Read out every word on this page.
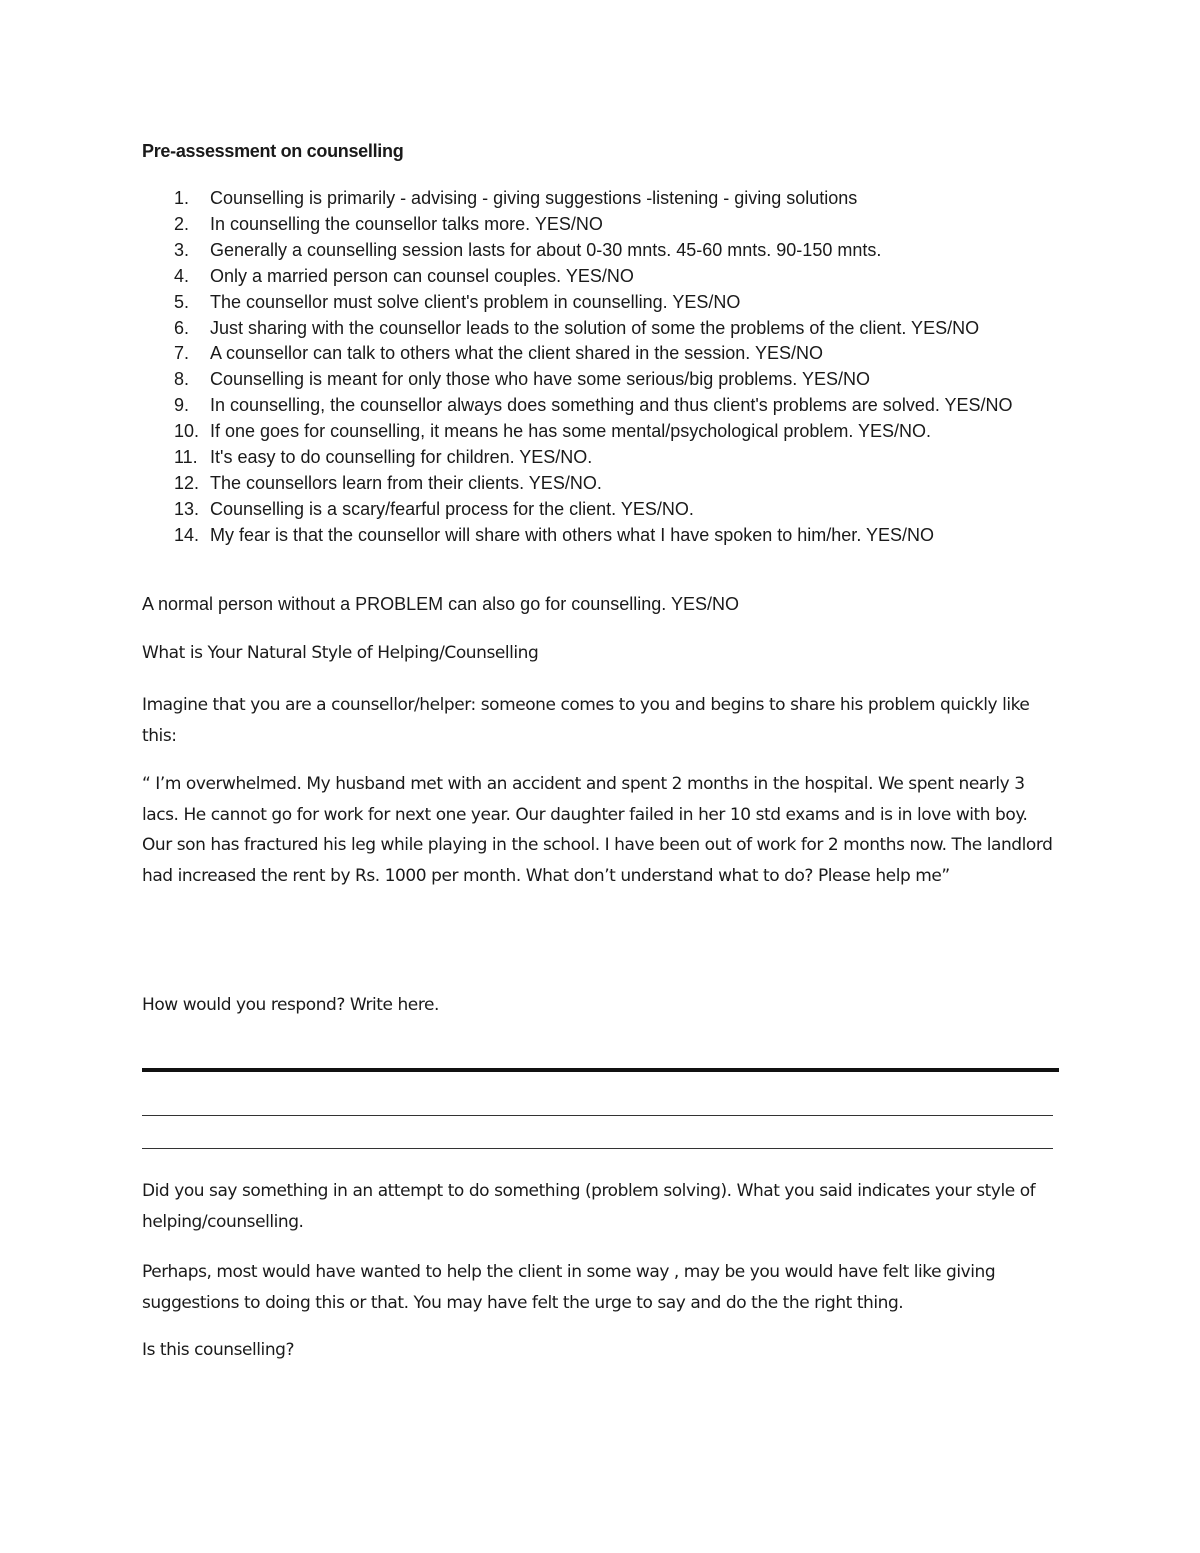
Pre-assessment on counselling
1.	Counselling is primarily - advising - giving suggestions -listening - giving solutions
2.	In counselling the counsellor talks more. YES/NO
3.	Generally a counselling session lasts for about 0-30 mnts. 45-60 mnts. 90-150 mnts.
4.	Only a married person can counsel couples. YES/NO
5.	The counsellor must solve client's problem in counselling. YES/NO
6.	Just sharing with the counsellor leads to the solution of some the problems of the client. YES/NO
7.	A counsellor can talk to others what the client shared in the session. YES/NO
8.	Counselling is meant for only those who have some serious/big problems. YES/NO
9.	In counselling, the counsellor always does something and thus client's problems are solved. YES/NO
10. If one goes for counselling, it means he has some mental/psychological problem. YES/NO.
11. It's easy to do counselling for children. YES/NO.
12. The counsellors learn from their clients. YES/NO.
13. Counselling is a scary/fearful process for the client. YES/NO.
14. My fear is that the counsellor will share with others what I have spoken to him/her. YES/NO

A normal person without a PROBLEM can also go for counselling. YES/NO

What is Your Natural Style of Helping/Counselling

Imagine that you are a counsellor/helper: someone comes to you and begins to share his problem quickly like this:

“ I’m overwhelmed. My husband met with an accident and spent 2 months in the hospital. We spent nearly 3 lacs. He cannot go for work for next one year. Our daughter failed in her 10 std exams and is in love with boy. Our son has fractured his leg while playing in the school. I have been out of work for 2 months now. The landlord had increased the rent by Rs. 1000 per month. What don’t understand what to do? Please help me”

How would you respond? Write here.

Did you say something in an attempt to do something (problem solving). What you said indicates your style of helping/counselling.

Perhaps, most would have wanted to help the client in some way , may be you would have felt like giving suggestions to doing this or that. You may have felt the urge to say and do the the right thing.

Is this counselling?
